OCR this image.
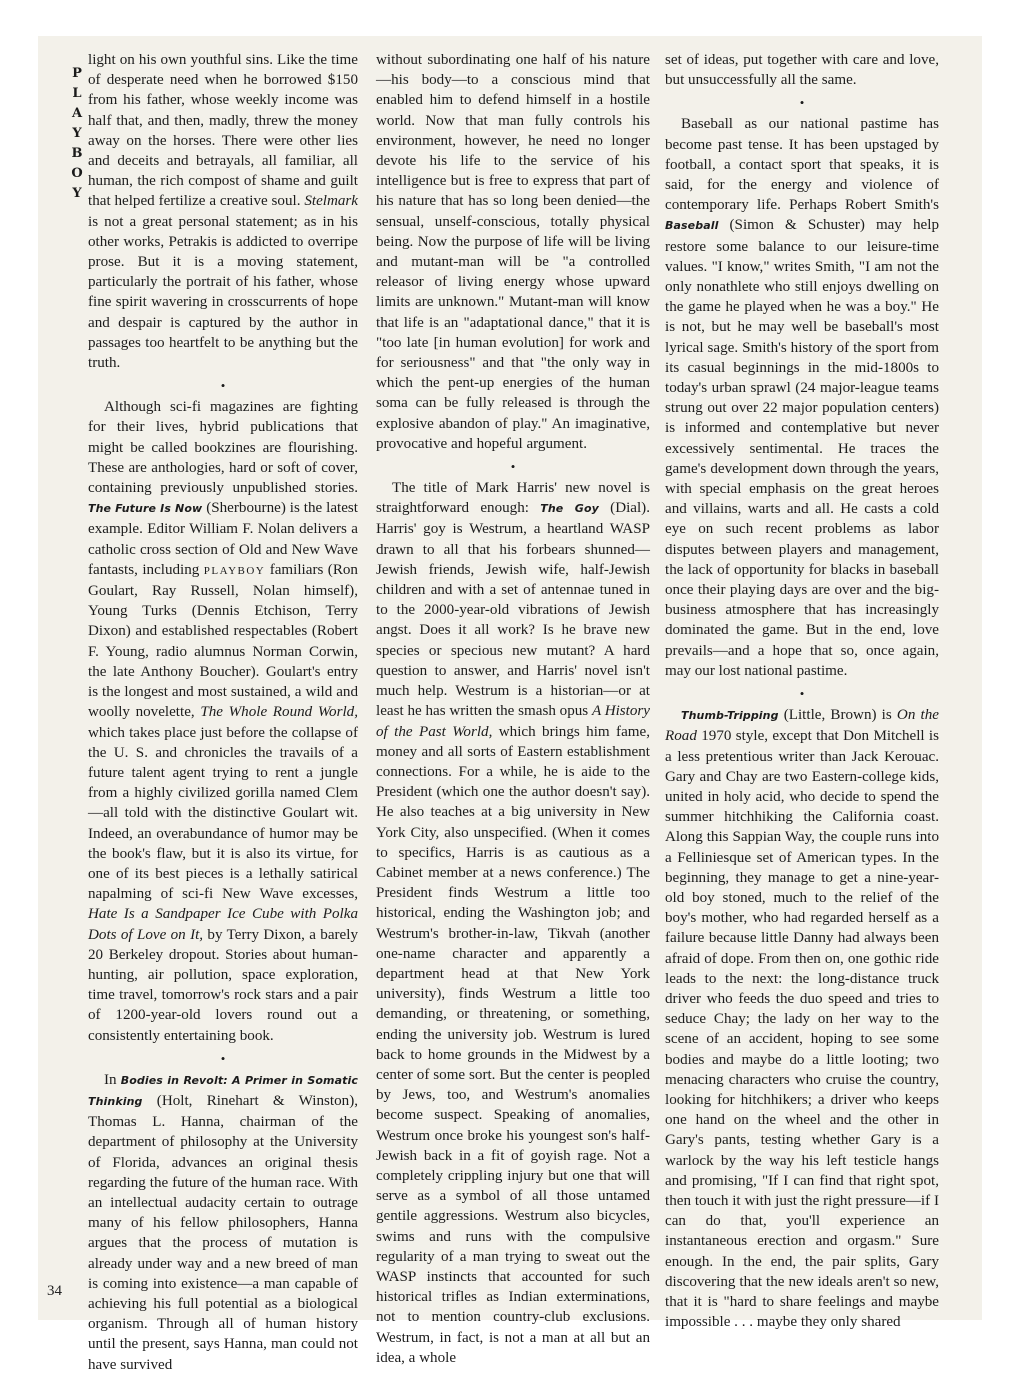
P
L
A
Y
B
O
Y

light on his own youthful sins. Like the time of desperate need when he borrowed $150 from his father, whose weekly income was half that, and then, madly, threw the money away on the horses. There were other lies and deceits and betrayals, all familiar, all human, the rich compost of shame and guilt that helped fertilize a creative soul. Stelmark is not a great personal statement; as in his other works, Petrakis is addicted to overripe prose. But it is a moving statement, particularly the portrait of his father, whose fine spirit wavering in crosscurrents of hope and despair is captured by the author in passages too heartfelt to be anything but the truth.

•

Although sci-fi magazines are fighting for their lives, hybrid publications that might be called bookzines are flourishing. These are anthologies, hard or soft of cover, containing previously unpublished stories. The Future Is Now (Sherbourne) is the latest example. Editor William F. Nolan delivers a catholic cross section of Old and New Wave fantasts, including PLAYBOY familiars (Ron Goulart, Ray Russell, Nolan himself), Young Turks (Dennis Etchison, Terry Dixon) and established respectables (Robert F. Young, radio alumnus Norman Corwin, the late Anthony Boucher). Goulart's entry is the longest and most sustained, a wild and woolly novelette, The Whole Round World, which takes place just before the collapse of the U. S. and chronicles the travails of a future talent agent trying to rent a jungle from a highly civilized gorilla named Clem—all told with the distinctive Goulart wit. Indeed, an overabundance of humor may be the book's flaw, but it is also its virtue, for one of its best pieces is a lethally satirical napalming of sci-fi New Wave excesses, Hate Is a Sandpaper Ice Cube with Polka Dots of Love on It, by Terry Dixon, a barely 20 Berkeley dropout. Stories about human-hunting, air pollution, space exploration, time travel, tomorrow's rock stars and a pair of 1200-year-old lovers round out a consistently entertaining book.

•

In Bodies in Revolt: A Primer in Somatic Thinking (Holt, Rinehart & Winston), Thomas L. Hanna, chairman of the department of philosophy at the University of Florida, advances an original thesis regarding the future of the human race. With an intellectual audacity certain to outrage many of his fellow philosophers, Hanna argues that the process of mutation is already under way and a new breed of man is coming into existence—a man capable of achieving his full potential as a biological organism. Through all of human history until the present, says Hanna, man could not have survived

without subordinating one half of his nature—his body—to a conscious mind that enabled him to defend himself in a hostile world. Now that man fully controls his environment, however, he need no longer devote his life to the service of his intelligence but is free to express that part of his nature that has so long been denied—the sensual, unself-conscious, totally physical being. Now the purpose of life will be living and mutant-man will be "a controlled releasor of living energy whose upward limits are unknown." Mutant-man will know that life is an "adaptational dance," that it is "too late [in human evolution] for work and for seriousness" and that "the only way in which the pent-up energies of the human soma can be fully released is through the explosive abandon of play." An imaginative, provocative and hopeful argument.

•

The title of Mark Harris' new novel is straightforward enough: The Goy (Dial). Harris' goy is Westrum, a heartland WASP drawn to all that his forbears shunned—Jewish friends, Jewish wife, half-Jewish children and with a set of antennae tuned in to the 2000-year-old vibrations of Jewish angst. Does it all work? Is he brave new species or specious new mutant? A hard question to answer, and Harris' novel isn't much help. Westrum is a historian—or at least he has written the smash opus A History of the Past World, which brings him fame, money and all sorts of Eastern establishment connections. For a while, he is aide to the President (which one the author doesn't say). He also teaches at a big university in New York City, also unspecified. (When it comes to specifics, Harris is as cautious as a Cabinet member at a news conference.) The President finds Westrum a little too historical, ending the Washington job; and Westrum's brother-in-law, Tikvah (another one-name character and apparently a department head at that New York university), finds Westrum a little too demanding, or threatening, or something, ending the university job. Westrum is lured back to home grounds in the Midwest by a center of some sort. But the center is peopled by Jews, too, and Westrum's anomalies become suspect. Speaking of anomalies, Westrum once broke his youngest son's half-Jewish back in a fit of goyish rage. Not a completely crippling injury but one that will serve as a symbol of all those untamed gentile aggressions. Westrum also bicycles, swims and runs with the compulsive regularity of a man trying to sweat out the WASP instincts that accounted for such historical trifles as Indian exterminations, not to mention country-club exclusions. Westrum, in fact, is not a man at all but an idea, a whole

set of ideas, put together with care and love, but unsuccessfully all the same.

•

Baseball as our national pastime has become past tense. It has been upstaged by football, a contact sport that speaks, it is said, for the energy and violence of contemporary life. Perhaps Robert Smith's Baseball (Simon & Schuster) may help restore some balance to our leisure-time values. "I know," writes Smith, "I am not the only nonathlete who still enjoys dwelling on the game he played when he was a boy." He is not, but he may well be baseball's most lyrical sage. Smith's history of the sport from its casual beginnings in the mid-1800s to today's urban sprawl (24 major-league teams strung out over 22 major population centers) is informed and contemplative but never excessively sentimental. He traces the game's development down through the years, with special emphasis on the great heroes and villains, warts and all. He casts a cold eye on such recent problems as labor disputes between players and management, the lack of opportunity for blacks in baseball once their playing days are over and the big-business atmosphere that has increasingly dominated the game. But in the end, love prevails—and a hope that so, once again, may our lost national pastime.

•

Thumb-Tripping (Little, Brown) is On the Road 1970 style, except that Don Mitchell is a less pretentious writer than Jack Kerouac. Gary and Chay are two Eastern-college kids, united in holy acid, who decide to spend the summer hitchhiking the California coast. Along this Sappian Way, the couple runs into a Felliniesque set of American types. In the beginning, they manage to get a nine-year-old boy stoned, much to the relief of the boy's mother, who had regarded herself as a failure because little Danny had always been afraid of dope. From then on, one gothic ride leads to the next: the long-distance truck driver who feeds the duo speed and tries to seduce Chay; the lady on her way to the scene of an accident, hoping to see some bodies and maybe do a little looting; two menacing characters who cruise the country, looking for hitchhikers; a driver who keeps one hand on the wheel and the other in Gary's pants, testing whether Gary is a warlock by the way his left testicle hangs and promising, "If I can find that right spot, then touch it with just the right pressure—if I can do that, you'll experience an instantaneous erection and orgasm." Sure enough. In the end, the pair splits, Gary discovering that the new ideals aren't so new, that it is "hard to share feelings and maybe impossible . . . maybe they only shared

34
